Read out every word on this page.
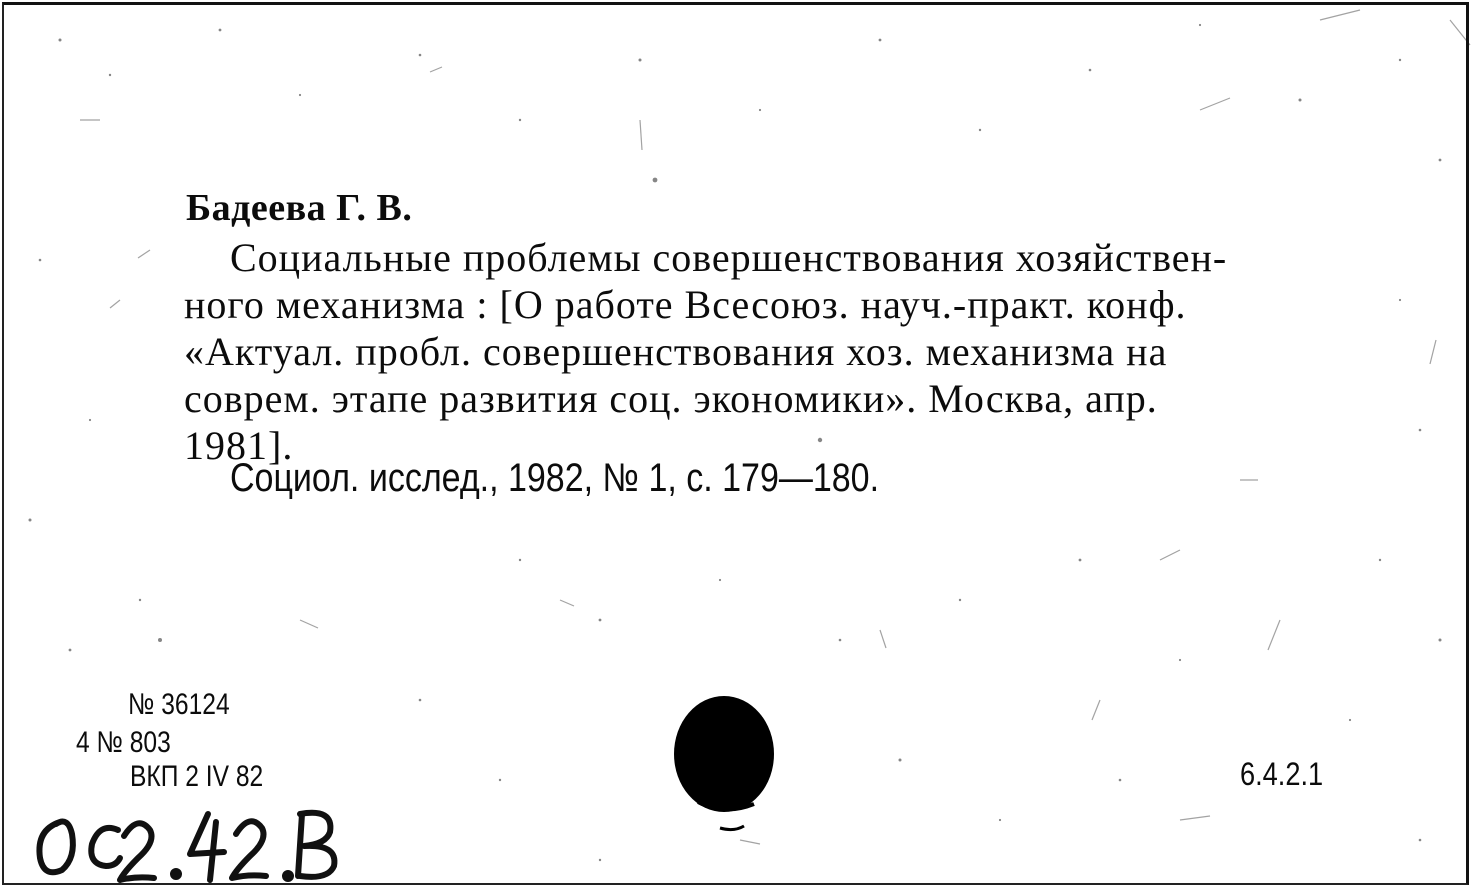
Бадеева Г. В.
Социальные проблемы совершенствования хозяйствен-
ного механизма : [О работе Всесоюз. науч.-практ. конф.
«Актуал. пробл. совершенствования хоз. механизма на
соврем. этапе развития соц. экономики». Москва, апр.
1981].
Социол. исслед., 1982, № 1, с. 179—180.
№ 36124
4 № 803
ВКП 2 IV 82	6.4.2.1
